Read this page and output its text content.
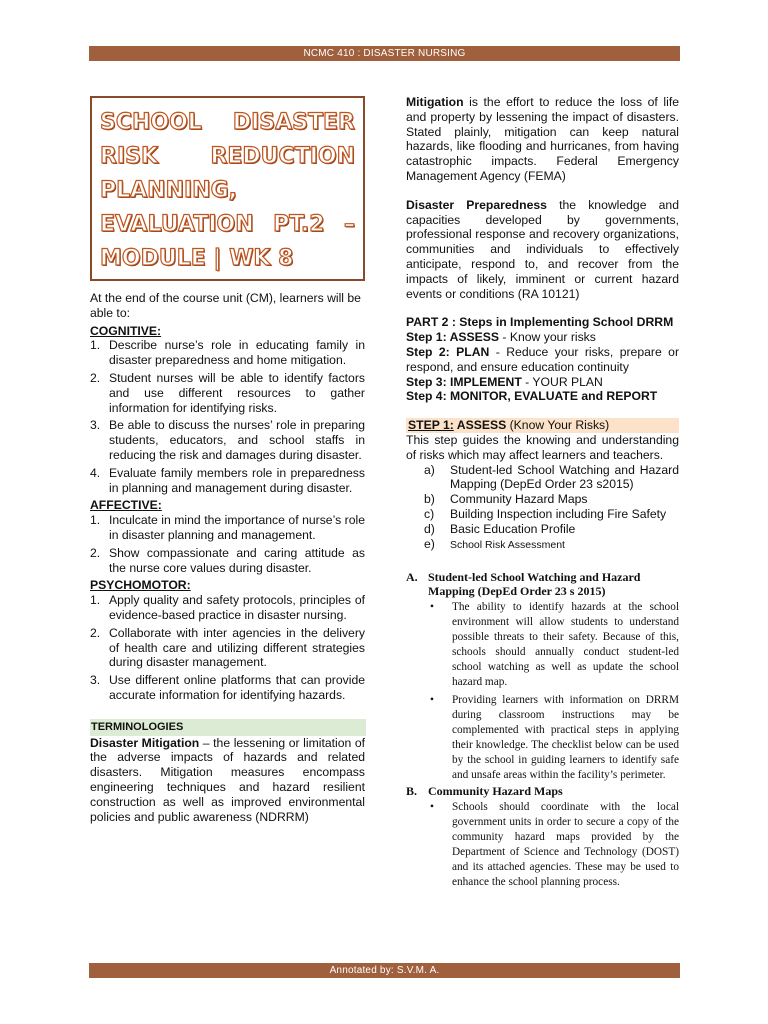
NCMC 410 : DISASTER NURSING
SCHOOL DISASTER
RISK REDUCTION
PLANNING,
EVALUATION PT.2 –
MODULE | WK 8
At the end of the course unit (CM), learners will be able to:
COGNITIVE:
1. Describe nurse’s role in educating family in disaster preparedness and home mitigation.
2. Student nurses will be able to identify factors and use different resources to gather information for identifying risks.
3. Be able to discuss the nurses’ role in preparing students, educators, and school staffs in reducing the risk and damages during disaster.
4. Evaluate family members role in preparedness in planning and management during disaster.
AFFECTIVE:
1. Inculcate in mind the importance of nurse’s role in disaster planning and management.
2. Show compassionate and caring attitude as the nurse core values during disaster.
PSYCHOMOTOR:
1. Apply quality and safety protocols, principles of evidence-based practice in disaster nursing.
2. Collaborate with inter agencies in the delivery of health care and utilizing different strategies during disaster management.
3. Use different online platforms that can provide accurate information for identifying hazards.
TERMINOLOGIES
Disaster Mitigation – the lessening or limitation of the adverse impacts of hazards and related disasters. Mitigation measures encompass engineering techniques and hazard resilient construction as well as improved environmental policies and public awareness (NDRRM)
Mitigation is the effort to reduce the loss of life and property by lessening the impact of disasters. Stated plainly, mitigation can keep natural hazards, like flooding and hurricanes, from having catastrophic impacts. Federal Emergency Management Agency (FEMA)
Disaster Preparedness the knowledge and capacities developed by governments, professional response and recovery organizations, communities and individuals to effectively anticipate, respond to, and recover from the impacts of likely, imminent or current hazard events or conditions (RA 10121)
PART 2 : Steps in Implementing School DRRM
Step 1: ASSESS - Know your risks
Step 2: PLAN - Reduce your risks, prepare or respond, and ensure education continuity
Step 3: IMPLEMENT - YOUR PLAN
Step 4: MONITOR, EVALUATE and REPORT
STEP 1: ASSESS (Know Your Risks)
This step guides the knowing and understanding of risks which may affect learners and teachers.
a) Student-led School Watching and Hazard Mapping (DepEd Order 23 s2015)
b) Community Hazard Maps
c) Building Inspection including Fire Safety
d) Basic Education Profile
e) School Risk Assessment
A. Student-led School Watching and Hazard Mapping (DepEd Order 23 s 2015)
• The ability to identify hazards at the school environment will allow students to understand possible threats to their safety. Because of this, schools should annually conduct student-led school watching as well as update the school hazard map.
• Providing learners with information on DRRM during classroom instructions may be complemented with practical steps in applying their knowledge. The checklist below can be used by the school in guiding learners to identify safe and unsafe areas within the facility’s perimeter.
B. Community Hazard Maps
• Schools should coordinate with the local government units in order to secure a copy of the community hazard maps provided by the Department of Science and Technology (DOST) and its attached agencies. These may be used to enhance the school planning process.
Annotated by: S.V.M. A.
